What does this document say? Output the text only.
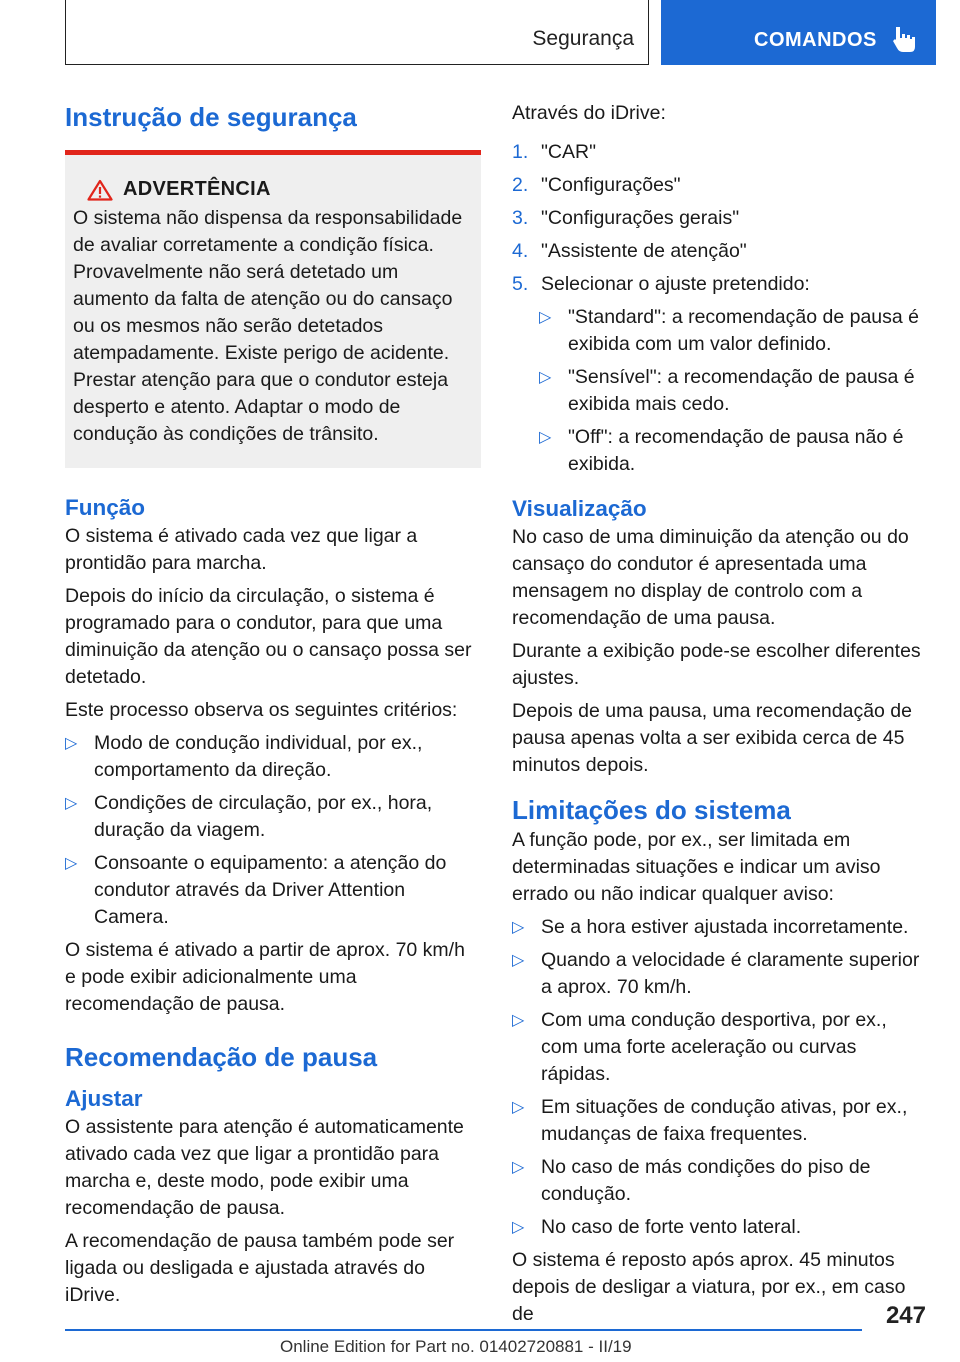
Segurança	COMANDOS
Instrução de segurança
ADVERTÊNCIA
O sistema não dispensa da responsabilidade de avaliar corretamente a condição física. Provavelmente não será detetado um aumento da falta de atenção ou do cansaço ou os mesmos não serão detetados atempadamente. Existe perigo de acidente. Prestar atenção para que o condutor esteja desperto e atento. Adaptar o modo de condução às condições de trânsito.
Função

O sistema é ativado cada vez que ligar a prontidão para marcha.

Depois do início da circulação, o sistema é programado para o condutor, para que uma diminuição da atenção ou o cansaço possa ser detetado.

Este processo observa os seguintes critérios:

▷ Modo de condução individual, por ex., comportamento da direção.
▷ Condições de circulação, por ex., hora, duração da viagem.
▷ Consoante o equipamento: a atenção do condutor através da Driver Attention Camera.

O sistema é ativado a partir de aprox. 70 km/h e pode exibir adicionalmente uma recomendação de pausa.

Recomendação de pausa
Ajustar

O assistente para atenção é automaticamente ativado cada vez que ligar a prontidão para marcha e, deste modo, pode exibir uma recomendação de pausa.

A recomendação de pausa também pode ser ligada ou desligada e ajustada através do iDrive.

Através do iDrive:

1. "CAR"
2. "Configurações"
3. "Configurações gerais"
4. "Assistente de atenção"
5. Selecionar o ajuste pretendido:
▷ "Standard": a recomendação de pausa é exibida com um valor definido.
▷ "Sensível": a recomendação de pausa é exibida mais cedo.
▷ "Off": a recomendação de pausa não é exibida.
Visualização

No caso de uma diminuição da atenção ou do cansaço do condutor é apresentada uma mensagem no display de controlo com a recomendação de uma pausa.

Durante a exibição pode-se escolher diferentes ajustes.

Depois de uma pausa, uma recomendação de pausa apenas volta a ser exibida cerca de 45 minutos depois.

Limitações do sistema

A função pode, por ex., ser limitada em determinadas situações e indicar um aviso errado ou não indicar qualquer aviso:

▷ Se a hora estiver ajustada incorretamente.
▷ Quando a velocidade é claramente superior a aprox. 70 km/h.
▷ Com uma condução desportiva, por ex., com uma forte aceleração ou curvas rápidas.
▷ Em situações de condução ativas, por ex., mudanças de faixa frequentes.
▷ No caso de más condições do piso de condução.
▷ No caso de forte vento lateral.

O sistema é reposto após aprox. 45 minutos depois de desligar a viatura, por ex., em caso de	247
Online Edition for Part no. 01402720881 - II/19
